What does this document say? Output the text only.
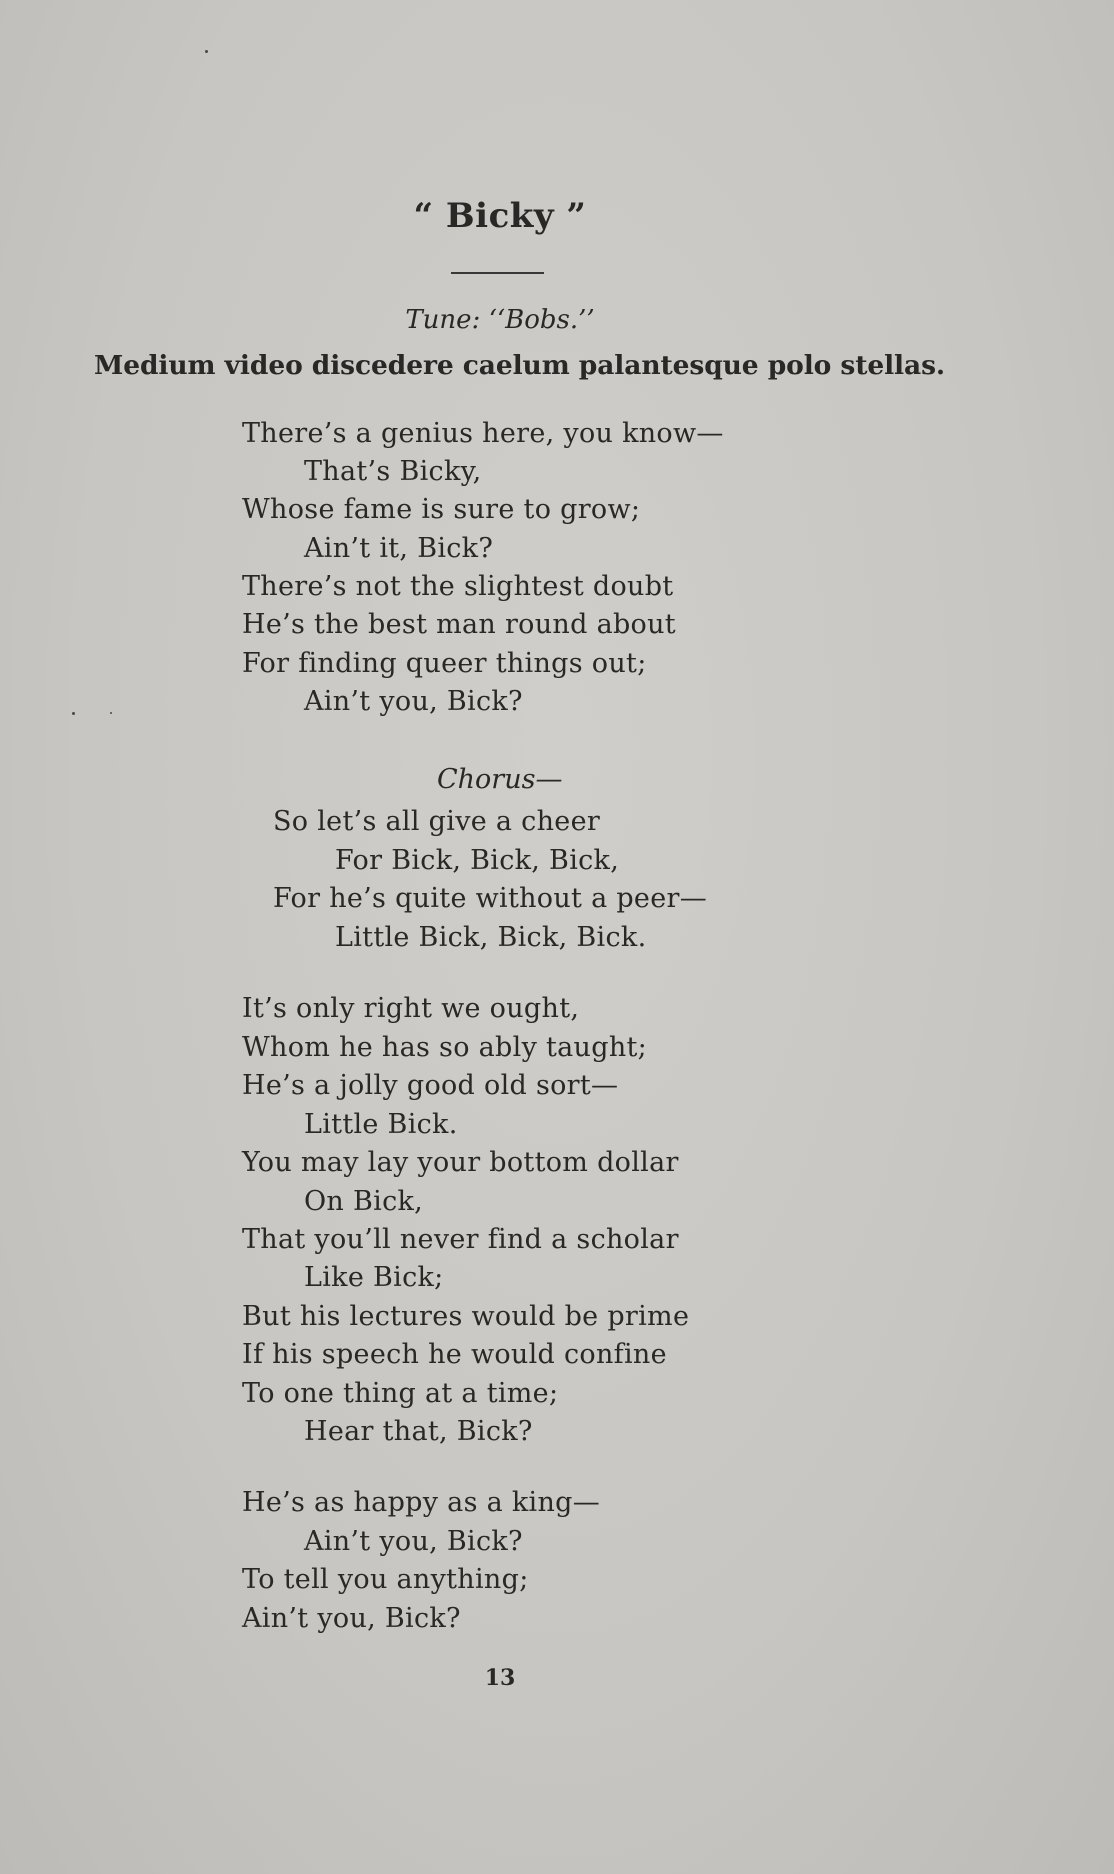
“ Bicky ”
Tune: ‘‘Bobs.’’
Medium video discedere caelum palantesque polo stellas.
There’s a genius here, you know—
That’s Bicky,
Whose fame is sure to grow;
Ain’t it, Bick?
There’s not the slightest doubt
He’s the best man round about
For finding queer things out;
Ain’t you, Bick?
Chorus—
So let’s all give a cheer
For Bick, Bick, Bick,
For he’s quite without a peer—
Little Bick, Bick, Bick.
It’s only right we ought,
Whom he has so ably taught;
He’s a jolly good old sort—
Little Bick.
You may lay your bottom dollar
On Bick,
That you’ll never find a scholar
Like Bick;
But his lectures would be prime
If his speech he would confine
To one thing at a time;
Hear that, Bick?
He’s as happy as a king—
Ain’t you, Bick?
To tell you anything;
Ain’t you, Bick?
13
